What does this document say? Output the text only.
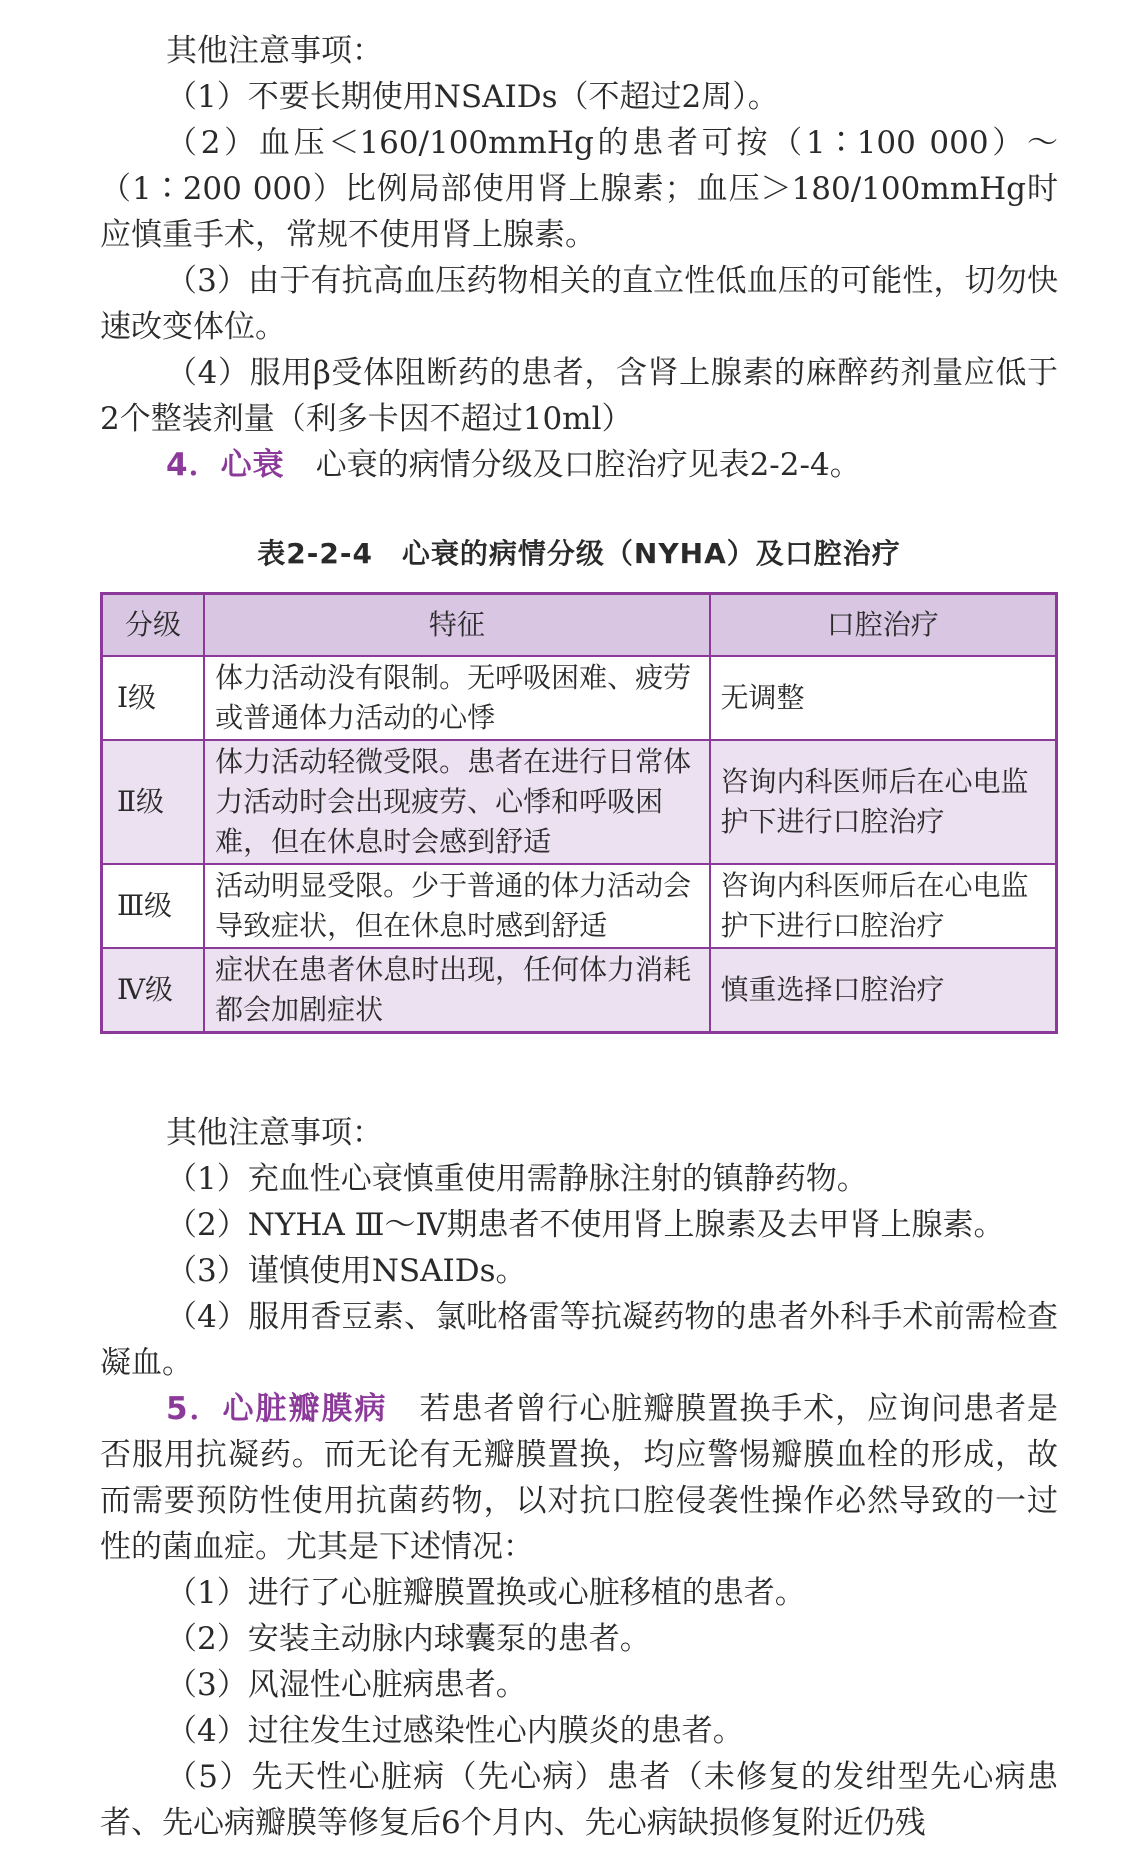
其他注意事项：

（1）不要长期使用NSAIDs（不超过2周）。

（2）血压＜160/100mmHg的患者可按（1∶100 000）～（1∶200 000）比例局部使用肾上腺素；血压＞180/100mmHg时应慎重手术，常规不使用肾上腺素。

（3）由于有抗高血压药物相关的直立性低血压的可能性，切勿快速改变体位。

（4）服用β受体阻断药的患者，含肾上腺素的麻醉药剂量应低于2个整装剂量（利多卡因不超过10ml）

4．心衰　 心衰的病情分级及口腔治疗见表2-2-4。

表2-2-4　心衰的病情分级（NYHA）及口腔治疗
分级	特征	口腔治疗
Ⅰ级	体力活动没有限制。无呼吸困难、疲劳或普通体力活动的心悸	无调整
Ⅱ级	体力活动轻微受限。患者在进行日常体力活动时会出现疲劳、心悸和呼吸困难，但在休息时会感到舒适	咨询内科医师后在心电监护下进行口腔治疗
Ⅲ级	活动明显受限。少于普通的体力活动会导致症状，但在休息时感到舒适	咨询内科医师后在心电监护下进行口腔治疗
Ⅳ级	症状在患者休息时出现，任何体力消耗都会加剧症状	慎重选择口腔治疗

其他注意事项：

（1）充血性心衰慎重使用需静脉注射的镇静药物。

（2）NYHA Ⅲ～Ⅳ期患者不使用肾上腺素及去甲肾上腺素。

（3）谨慎使用NSAIDs。

（4）服用香豆素、氯吡格雷等抗凝药物的患者外科手术前需检查凝血。

5．心脏瓣膜病　 若患者曾行心脏瓣膜置换手术，应询问患者是否服用抗凝药。而无论有无瓣膜置换，均应警惕瓣膜血栓的形成，故而需要预防性使用抗菌药物，以对抗口腔侵袭性操作必然导致的一过性的菌血症。尤其是下述情况：

（1）进行了心脏瓣膜置换或心脏移植的患者。

（2）安装主动脉内球囊泵的患者。

（3）风湿性心脏病患者。

（4）过往发生过感染性心内膜炎的患者。

（5）先天性心脏病（先心病）患者（未修复的发绀型先心病患者、先心病瓣膜等修复后6个月内、先心病缺损修复附近仍残
